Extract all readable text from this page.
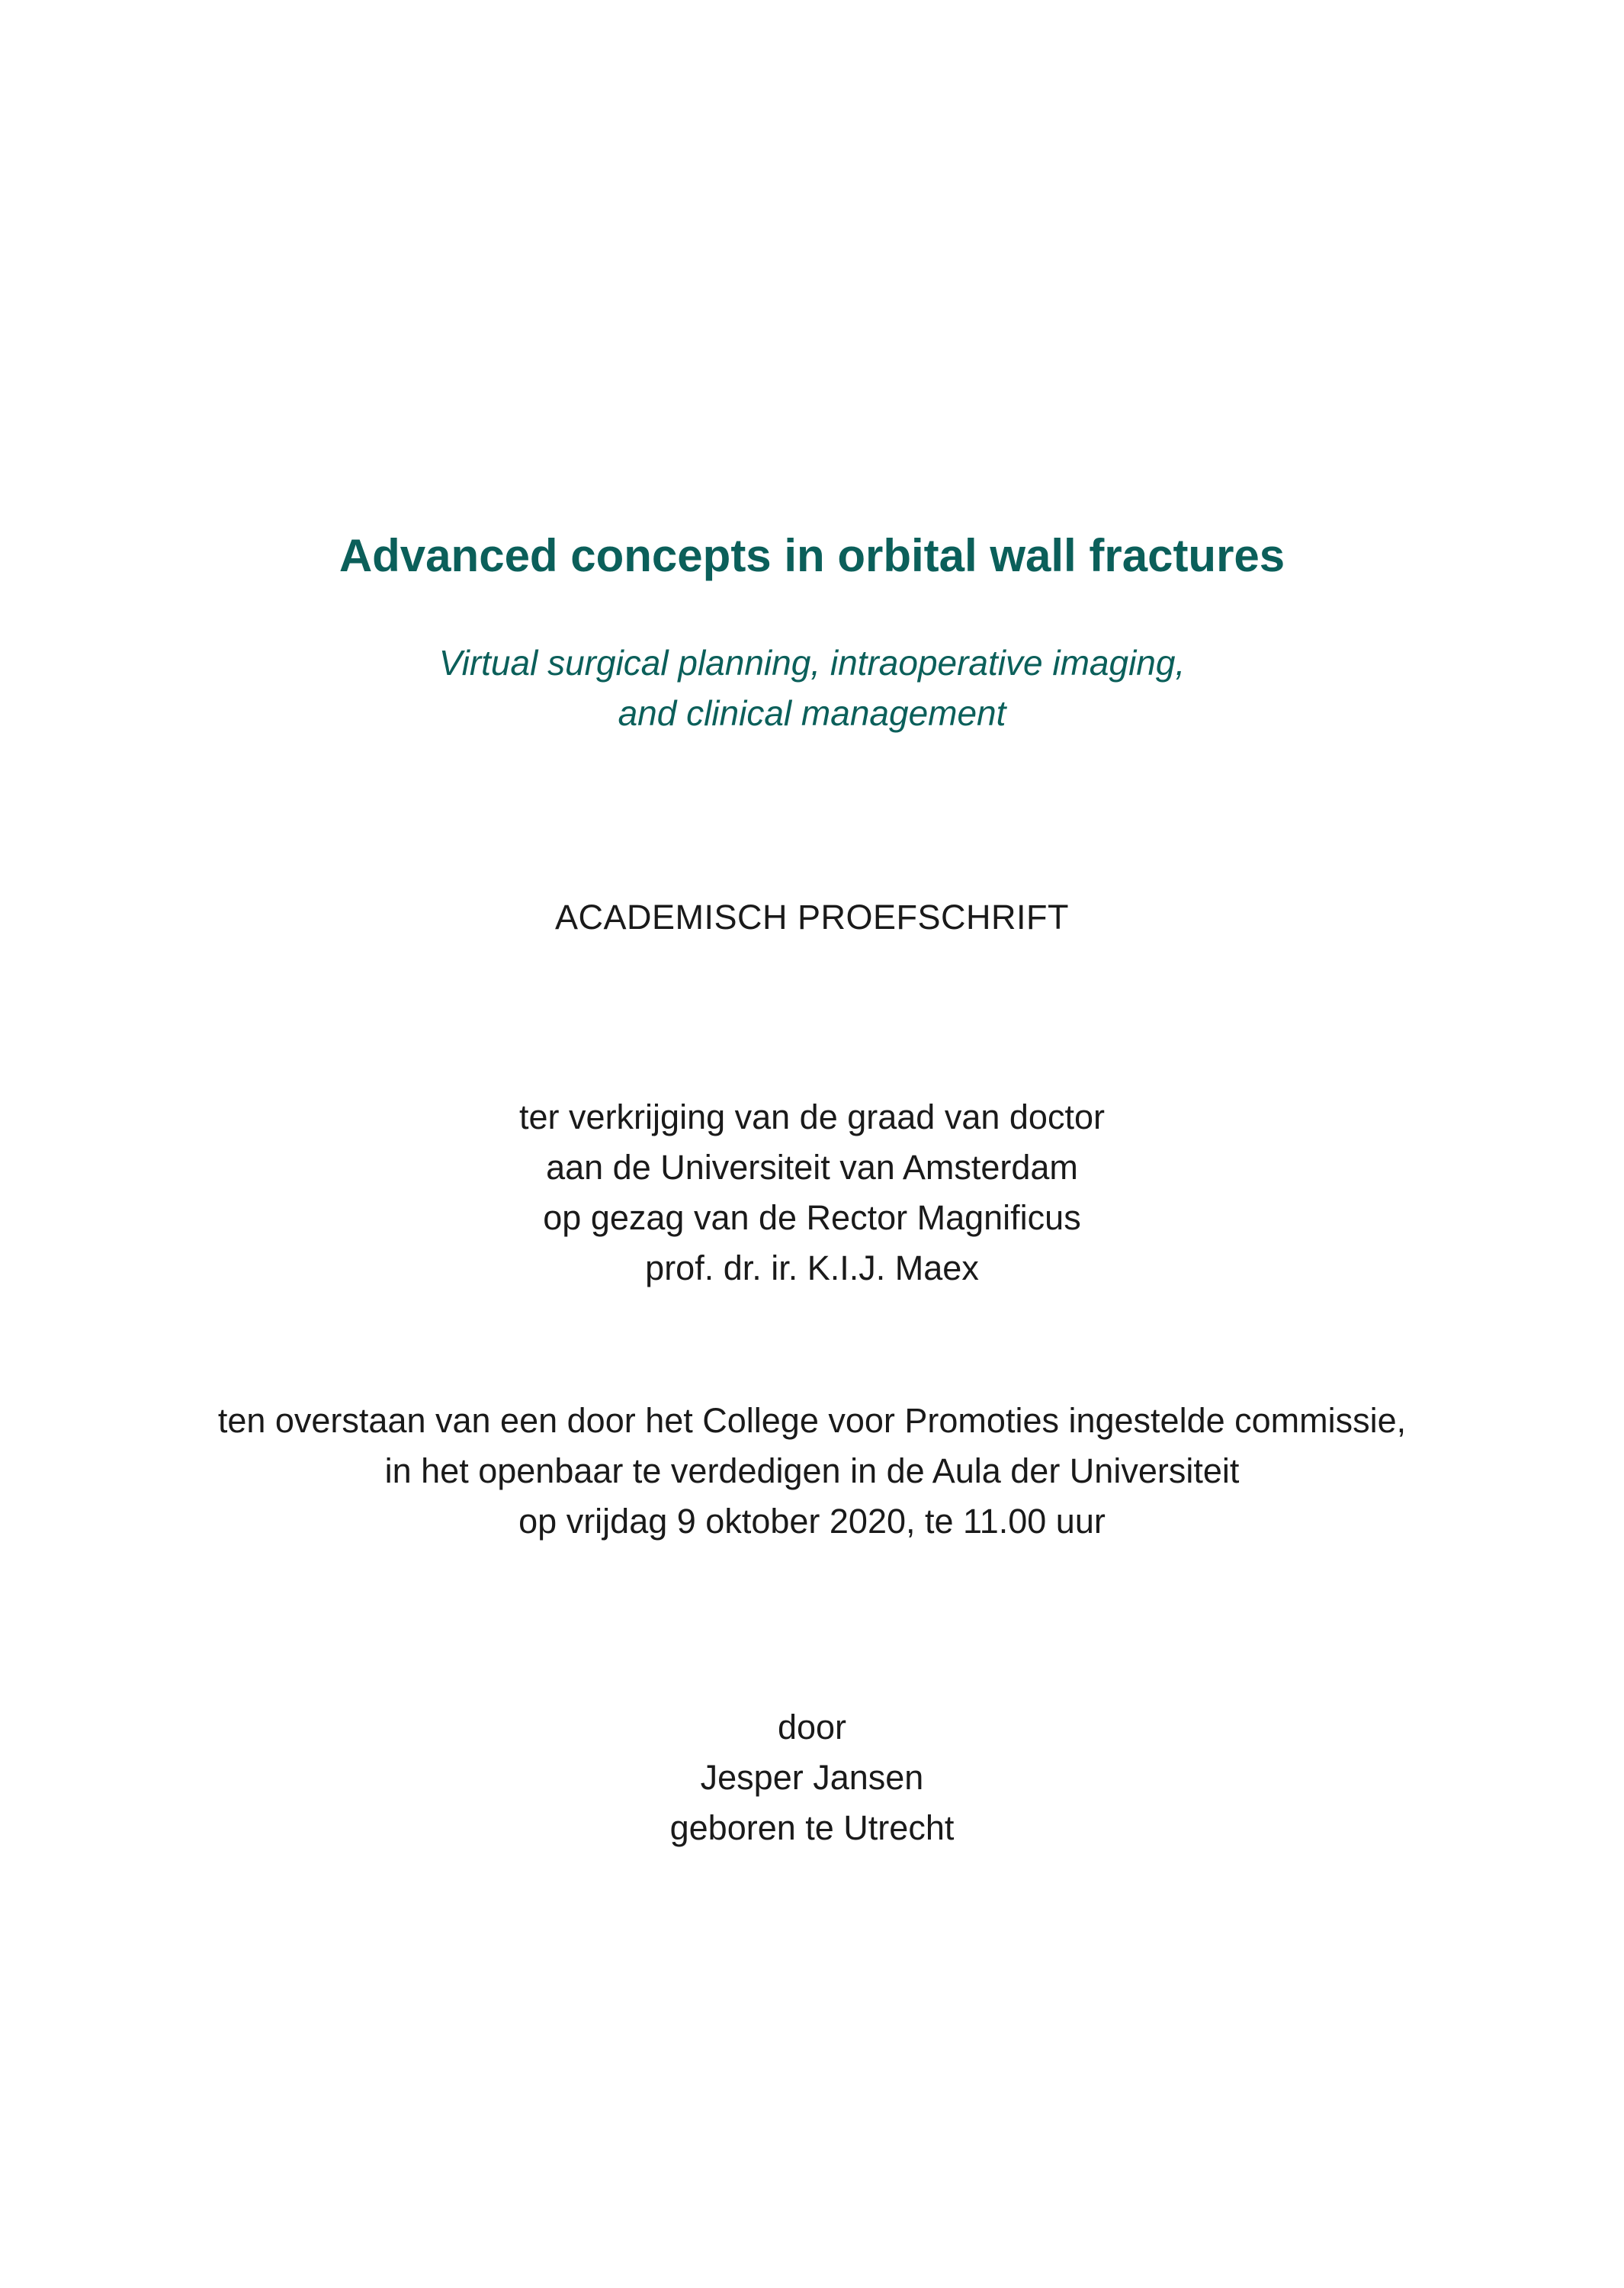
Advanced concepts in orbital wall fractures
Virtual surgical planning, intraoperative imaging,
and clinical management
ACADEMISCH PROEFSCHRIFT
ter verkrijging van de graad van doctor
aan de Universiteit van Amsterdam
op gezag van de Rector Magnificus
prof. dr. ir. K.I.J. Maex
ten overstaan van een door het College voor Promoties ingestelde commissie,
in het openbaar te verdedigen in de Aula der Universiteit
op vrijdag 9 oktober 2020, te 11.00 uur
door
Jesper Jansen
geboren te Utrecht
